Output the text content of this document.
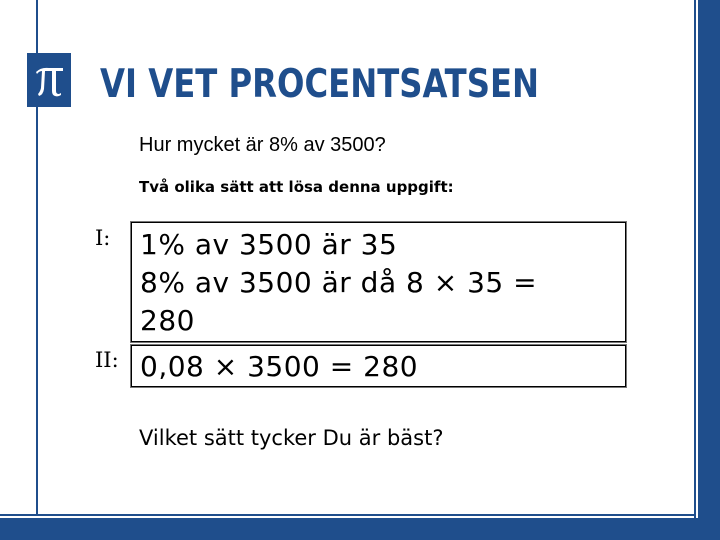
VI VET PROCENTSATSEN
Hur mycket är 8% av 3500?
Två olika sätt att lösa denna uppgift:
I: 1% av 3500 är 35
8% av 3500 är då 8 × 35 =
280
II: 0,08 × 3500 = 280
Vilket sätt tycker Du är bäst?
